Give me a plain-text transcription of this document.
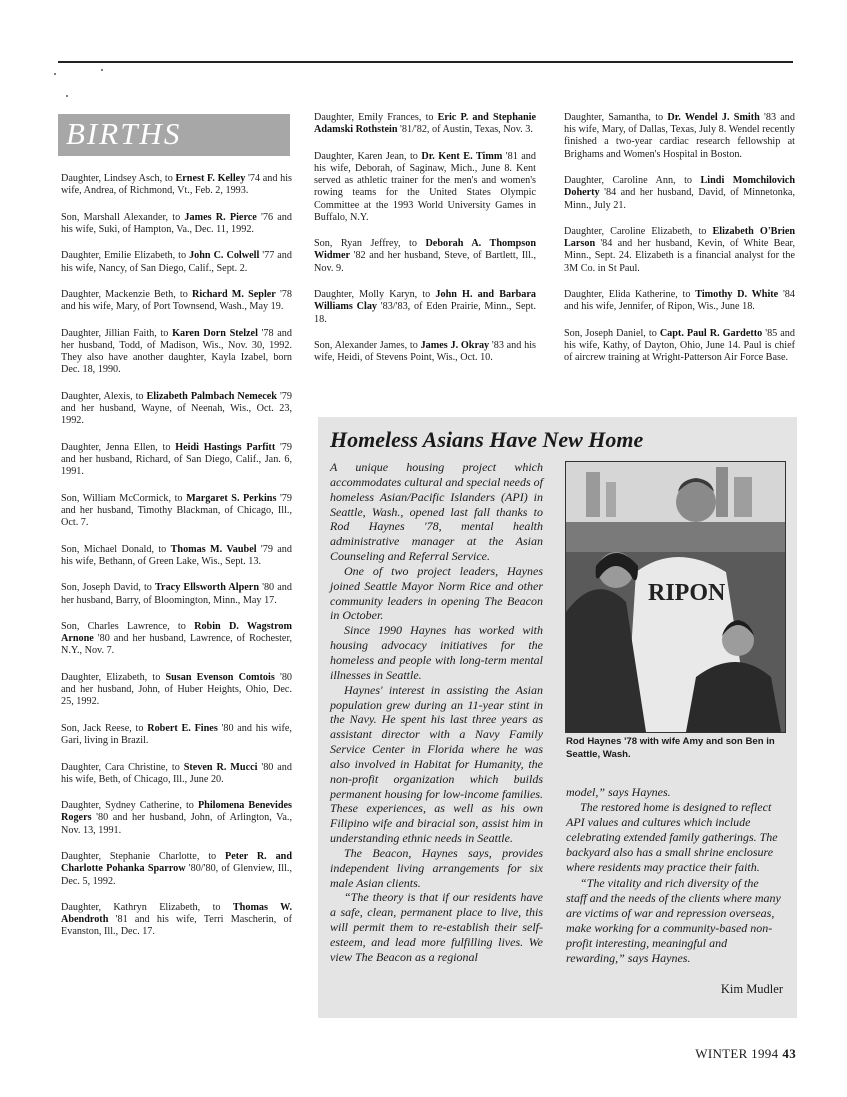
BIRTHS

Daughter, Lindsey Asch, to Ernest F. Kelley '74 and his wife, Andrea, of Richmond, Vt., Feb. 2, 1993.

Son, Marshall Alexander, to James R. Pierce '76 and his wife, Suki, of Hampton, Va., Dec. 11, 1992.

Daughter, Emilie Elizabeth, to John C. Colwell '77 and his wife, Nancy, of San Diego, Calif., Sept. 2.

Daughter, Mackenzie Beth, to Richard M. Sepler '78 and his wife, Mary, of Port Townsend, Wash., May 19.

Daughter, Jillian Faith, to Karen Dorn Stelzel '78 and her husband, Todd, of Madison, Wis., Nov. 30, 1992. They also have another daughter, Kayla Izabel, born Dec. 18, 1990.

Daughter, Alexis, to Elizabeth Palmbach Nemecek '79 and her husband, Wayne, of Neenah, Wis., Oct. 23, 1992.

Daughter, Jenna Ellen, to Heidi Hastings Parfitt '79 and her husband, Richard, of San Diego, Calif., Jan. 6, 1991.

Son, William McCormick, to Margaret S. Perkins '79 and her husband, Timothy Blackman, of Chicago, Ill., Oct. 7.

Son, Michael Donald, to Thomas M. Vaubel '79 and his wife, Bethann, of Green Lake, Wis., Sept. 13.

Son, Joseph David, to Tracy Ellsworth Alpern '80 and her husband, Barry, of Bloomington, Minn., May 17.

Son, Charles Lawrence, to Robin D. Wagstrom Arnone '80 and her husband, Lawrence, of Rochester, N.Y., Nov. 7.

Daughter, Elizabeth, to Susan Evenson Comtois '80 and her husband, John, of Huber Heights, Ohio, Dec. 25, 1992.

Son, Jack Reese, to Robert E. Fines '80 and his wife, Gari, living in Brazil.

Daughter, Cara Christine, to Steven R. Mucci '80 and his wife, Beth, of Chicago, Ill., June 20.

Daughter, Sydney Catherine, to Philomena Benevides Rogers '80 and her husband, John, of Arlington, Va., Nov. 13, 1991.

Daughter, Stephanie Charlotte, to Peter R. and Charlotte Pohanka Sparrow '80/'80, of Glenview, Ill., Dec. 5, 1992.

Daughter, Kathryn Elizabeth, to Thomas W. Abendroth '81 and his wife, Terri Mascherin, of Evanston, Ill., Dec. 17.

Daughter, Emily Frances, to Eric P. and Stephanie Adamski Rothstein '81/'82, of Austin, Texas, Nov. 3.

Daughter, Karen Jean, to Dr. Kent E. Timm '81 and his wife, Deborah, of Saginaw, Mich., June 8. Kent served as athletic trainer for the men's and women's rowing teams for the United States Olympic Committee at the 1993 World University Games in Buffalo, N.Y.

Son, Ryan Jeffrey, to Deborah A. Thompson Widmer '82 and her husband, Steve, of Bartlett, Ill., Nov. 9.

Daughter, Molly Karyn, to John H. and Barbara Williams Clay '83/'83, of Eden Prairie, Minn., Sept. 18.

Son, Alexander James, to James J. Okray '83 and his wife, Heidi, of Stevens Point, Wis., Oct. 10.

Daughter, Samantha, to Dr. Wendel J. Smith '83 and his wife, Mary, of Dallas, Texas, July 8. Wendel recently finished a two-year cardiac research fellowship at Brighams and Women's Hospital in Boston.

Daughter, Caroline Ann, to Lindi Momchilovich Doherty '84 and her husband, David, of Minnetonka, Minn., July 21.

Daughter, Caroline Elizabeth, to Elizabeth O'Brien Larson '84 and her husband, Kevin, of White Bear, Minn., Sept. 24. Elizabeth is a financial analyst for the 3M Co. in St Paul.

Daughter, Elida Katherine, to Timothy D. White '84 and his wife, Jennifer, of Ripon, Wis., June 18.

Son, Joseph Daniel, to Capt. Paul R. Gardetto '85 and his wife, Kathy, of Dayton, Ohio, June 14. Paul is chief of aircrew training at Wright-Patterson Air Force Base.

Homeless Asians Have New Home

A unique housing project which accommodates cultural and special needs of homeless Asian/Pacific Islanders (API) in Seattle, Wash., opened last fall thanks to Rod Haynes '78, mental health administrative manager at the Asian Counseling and Referral Service.

One of two project leaders, Haynes joined Seattle Mayor Norm Rice and other community leaders in opening The Beacon in October.

Since 1990 Haynes has worked with housing advocacy initiatives for the homeless and people with long-term mental illnesses in Seattle.

Haynes' interest in assisting the Asian population grew during an 11-year stint in the Navy. He spent his last three years as assistant director with a Navy Family Service Center in Florida where he was also involved in Habitat for Humanity, the non-profit organization which builds permanent housing for low-income families. These experiences, as well as his own Filipino wife and biracial son, assist him in understanding ethnic needs in Seattle.

The Beacon, Haynes says, provides independent living arrangements for six male Asian clients.

“The theory is that if our residents have a safe, clean, permanent place to live, this will permit them to re-establish their self-esteem, and lead more fulfilling lives. We view The Beacon as a regional

RIPON
Rod Haynes '78 with wife Amy and son Ben in Seattle, Wash.

model,” says Haynes.

The restored home is designed to reflect API values and cultures which include celebrating extended family gatherings. The backyard also has a small shrine enclosure where residents may practice their faith.

“The vitality and rich diversity of the staff and the needs of the clients where many are victims of war and repression overseas, make working for a community-based non-profit interesting, meaningful and rewarding,” says Haynes.

Kim Mudler
WINTER 1994 43
